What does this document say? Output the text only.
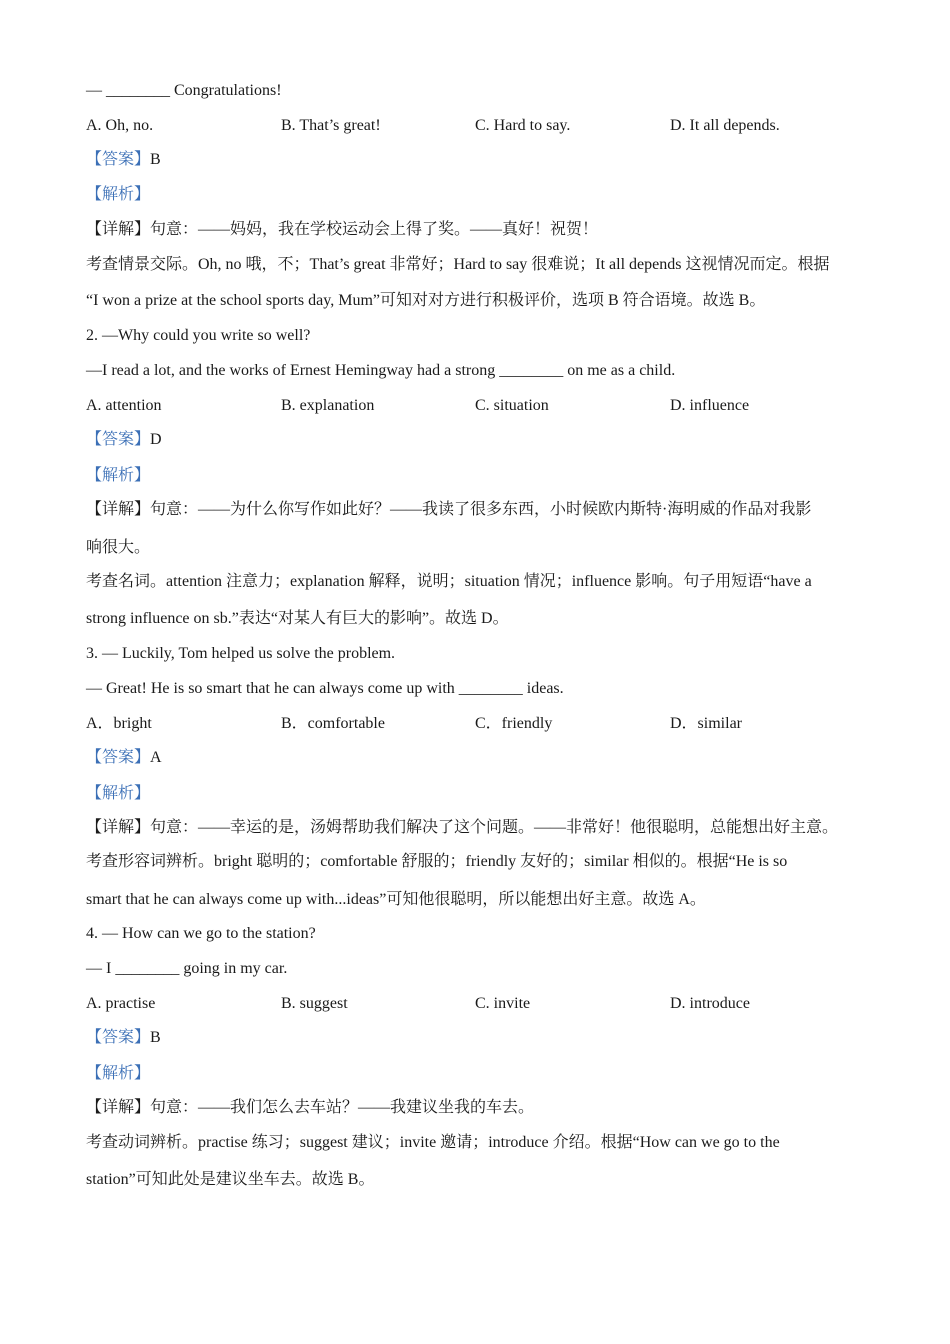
— ________ Congratulations!
A. Oh, no.	B. That’s great!	C. Hard to say.	D. It all depends.
【答案】B
【解析】
【详解】句意：——妈妈，我在学校运动会上得了奖。——真好！祝贺！
考查情景交际。Oh, no 哦，不；That’s great 非常好；Hard to say 很难说；It all depends 这视情况而定。根据
“I won a prize at the school sports day, Mum”可知对对方进行积极评价，选项 B 符合语境。故选 B。
2. —Why could you write so well?
—I read a lot, and the works of Ernest Hemingway had a strong ________ on me as a child.
A. attention	B. explanation	C. situation	D. influence
【答案】D
【解析】
【详解】句意：——为什么你写作如此好？——我读了很多东西，小时候欧内斯特·海明威的作品对我影
响很大。
考查名词。attention 注意力；explanation 解释，说明；situation 情况；influence 影响。句子用短语“have a
strong influence on sb.”表达“对某人有巨大的影响”。故选 D。
3. — Luckily, Tom helped us solve the problem.
— Great! He is so smart that he can always come up with ________ ideas.
A．bright	B．comfortable	C．friendly	D．similar
【答案】A
【解析】
【详解】句意：——幸运的是，汤姆帮助我们解决了这个问题。——非常好！他很聪明，总能想出好主意。
考查形容词辨析。bright 聪明的；comfortable 舒服的；friendly 友好的；similar 相似的。根据“He is so
smart that he can always come up with...ideas”可知他很聪明，所以能想出好主意。故选 A。
4. — How can we go to the station?
— I ________ going in my car.
A. practise	B. suggest	C. invite	D. introduce
【答案】B
【解析】
【详解】句意：——我们怎么去车站？——我建议坐我的车去。
考查动词辨析。practise 练习；suggest 建议；invite 邀请；introduce 介绍。根据“How can we go to the
station”可知此处是建议坐车去。故选 B。
